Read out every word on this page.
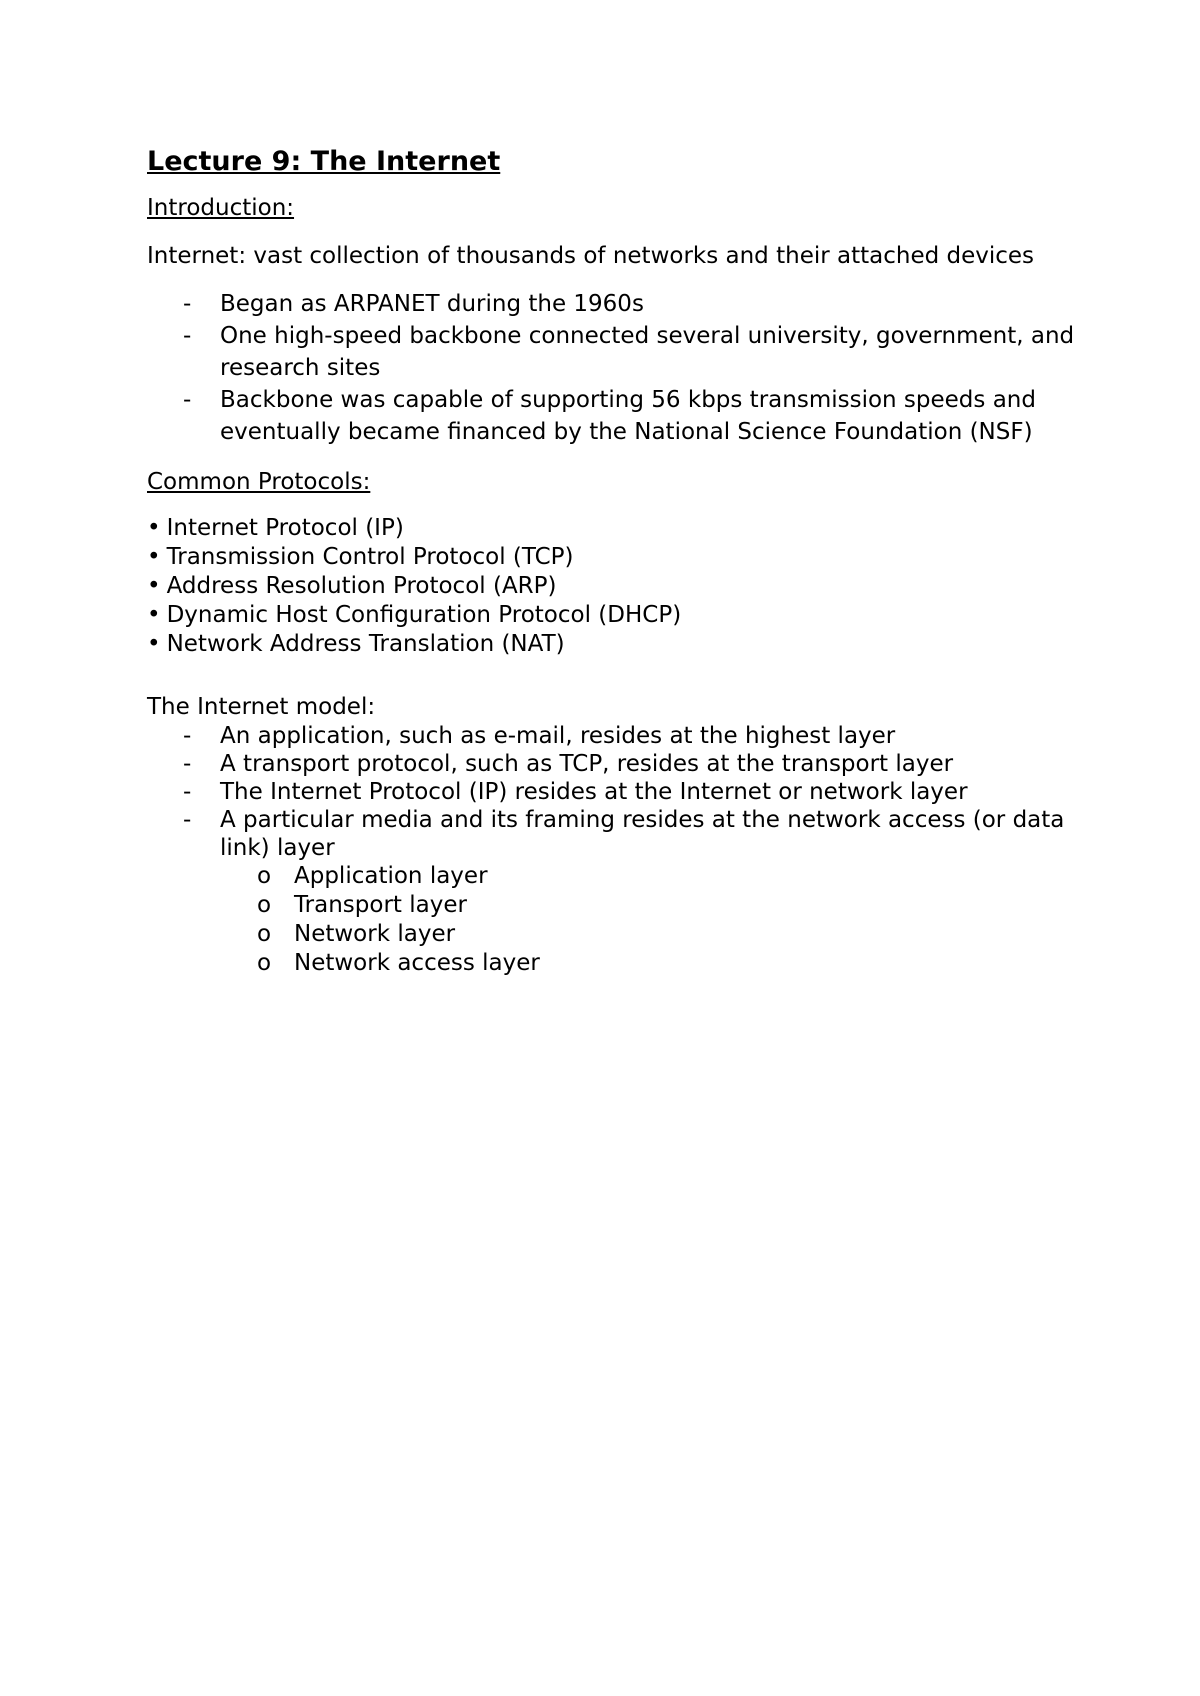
Lecture 9: The Internet
Introduction:
Internet: vast collection of thousands of networks and their attached devices
- Began as ARPANET during the 1960s
- One high-speed backbone connected several university, government, and research sites
- Backbone was capable of supporting 56 kbps transmission speeds and eventually became financed by the National Science Foundation (NSF)
Common Protocols:
• Internet Protocol (IP)
• Transmission Control Protocol (TCP)
• Address Resolution Protocol (ARP)
• Dynamic Host Configuration Protocol (DHCP)
• Network Address Translation (NAT)
The Internet model:
- An application, such as e-mail, resides at the highest layer
- A transport protocol, such as TCP, resides at the transport layer
- The Internet Protocol (IP) resides at the Internet or network layer
- A particular media and its framing resides at the network access (or data link) layer
o Application layer
o Transport layer
o Network layer
o Network access layer
